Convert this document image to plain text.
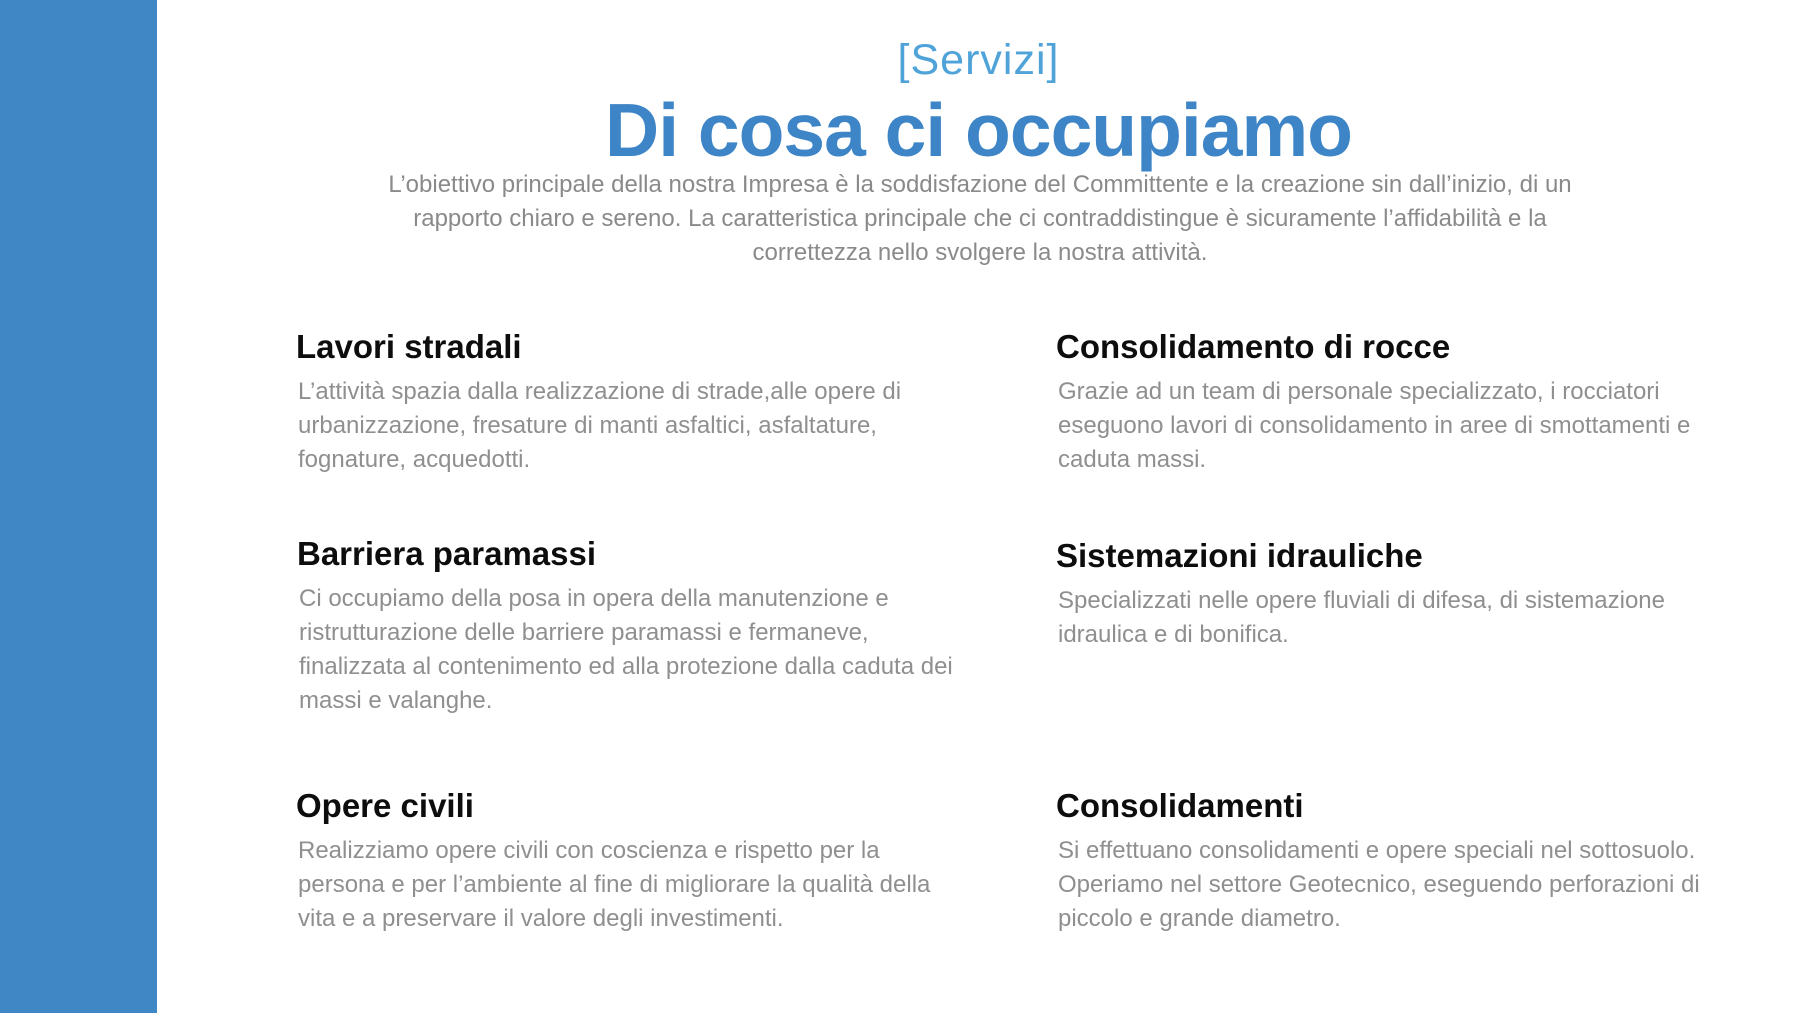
[Servizi]
Di cosa ci occupiamo
L’obiettivo principale della nostra Impresa è la soddisfazione del Committente e la creazione sin dall’inizio, di un rapporto chiaro e sereno. La caratteristica principale che ci contraddistingue è sicuramente l’affidabilità e la correttezza nello svolgere la nostra attività.
Lavori stradali

L’attività spazia dalla realizzazione di strade,alle opere di urbanizzazione, fresature di manti asfaltici, asfaltature, fognature, acquedotti.

Consolidamento di rocce

Grazie ad un team di personale specializzato, i rocciatori eseguono lavori di consolidamento in aree di smottamenti e caduta massi.

Barriera paramassi

Ci occupiamo della posa in opera della manutenzione e ristrutturazione delle barriere paramassi e fermaneve, finalizzata al contenimento ed alla protezione dalla caduta dei massi e valanghe.

Sistemazioni idrauliche

Specializzati nelle opere fluviali di difesa, di sistemazione idraulica e di bonifica.

Opere civili

Realizziamo opere civili con coscienza e rispetto per la persona e per l’ambiente al fine di migliorare la qualità della vita e a preservare il valore degli investimenti.

Consolidamenti

Si effettuano consolidamenti e opere speciali nel sottosuolo. Operiamo nel settore Geotecnico, eseguendo perforazioni di piccolo e grande diametro.
